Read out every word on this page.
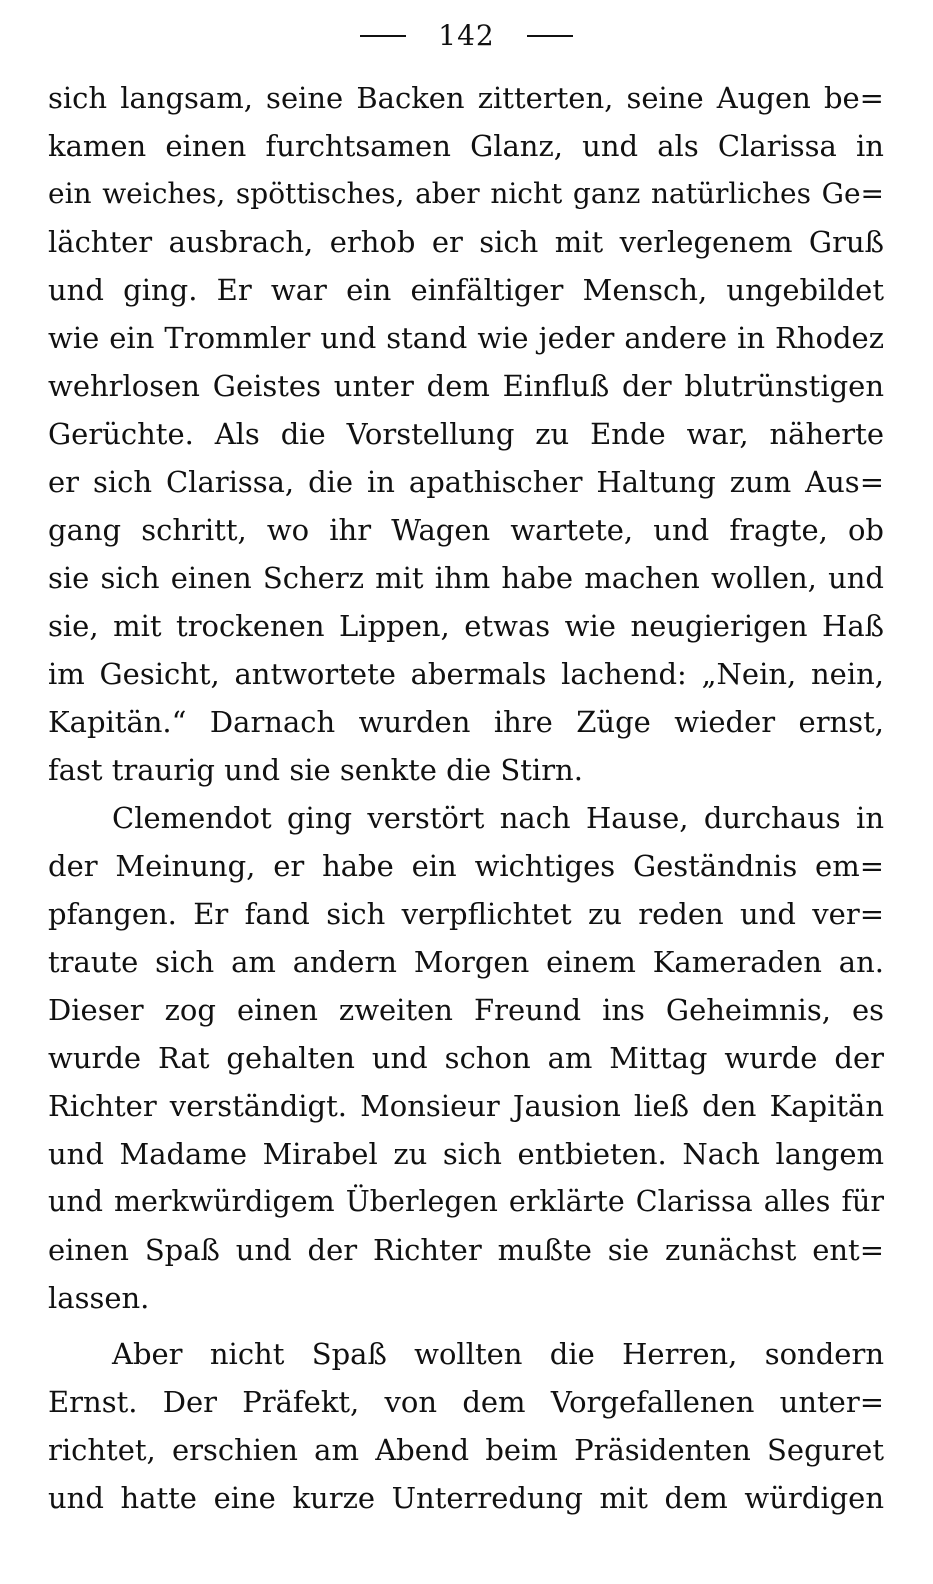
142
sich langsam, seine Backen zitterten, seine Augen be=
kamen einen furchtsamen Glanz, und als Clarissa in
ein weiches, spöttisches, aber nicht ganz natürliches Ge=
lächter ausbrach, erhob er sich mit verlegenem Gruß
und ging. Er war ein einfältiger Mensch, ungebildet
wie ein Trommler und stand wie jeder andere in Rhodez
wehrlosen Geistes unter dem Einfluß der blutrünstigen
Gerüchte. Als die Vorstellung zu Ende war, näherte
er sich Clarissa, die in apathischer Haltung zum Aus=
gang schritt, wo ihr Wagen wartete, und fragte, ob
sie sich einen Scherz mit ihm habe machen wollen, und
sie, mit trockenen Lippen, etwas wie neugierigen Haß
im Gesicht, antwortete abermals lachend: „Nein, nein,
Kapitän.“ Darnach wurden ihre Züge wieder ernst,
fast traurig und sie senkte die Stirn.
Clemendot ging verstört nach Hause, durchaus in
der Meinung, er habe ein wichtiges Geständnis em=
pfangen. Er fand sich verpflichtet zu reden und ver=
traute sich am andern Morgen einem Kameraden an.
Dieser zog einen zweiten Freund ins Geheimnis, es
wurde Rat gehalten und schon am Mittag wurde der
Richter verständigt. Monsieur Jausion ließ den Kapitän
und Madame Mirabel zu sich entbieten. Nach langem
und merkwürdigem Überlegen erklärte Clarissa alles für
einen Spaß und der Richter mußte sie zunächst ent=
lassen.
Aber nicht Spaß wollten die Herren, sondern
Ernst. Der Präfekt, von dem Vorgefallenen unter=
richtet, erschien am Abend beim Präsidenten Seguret
und hatte eine kurze Unterredung mit dem würdigen
